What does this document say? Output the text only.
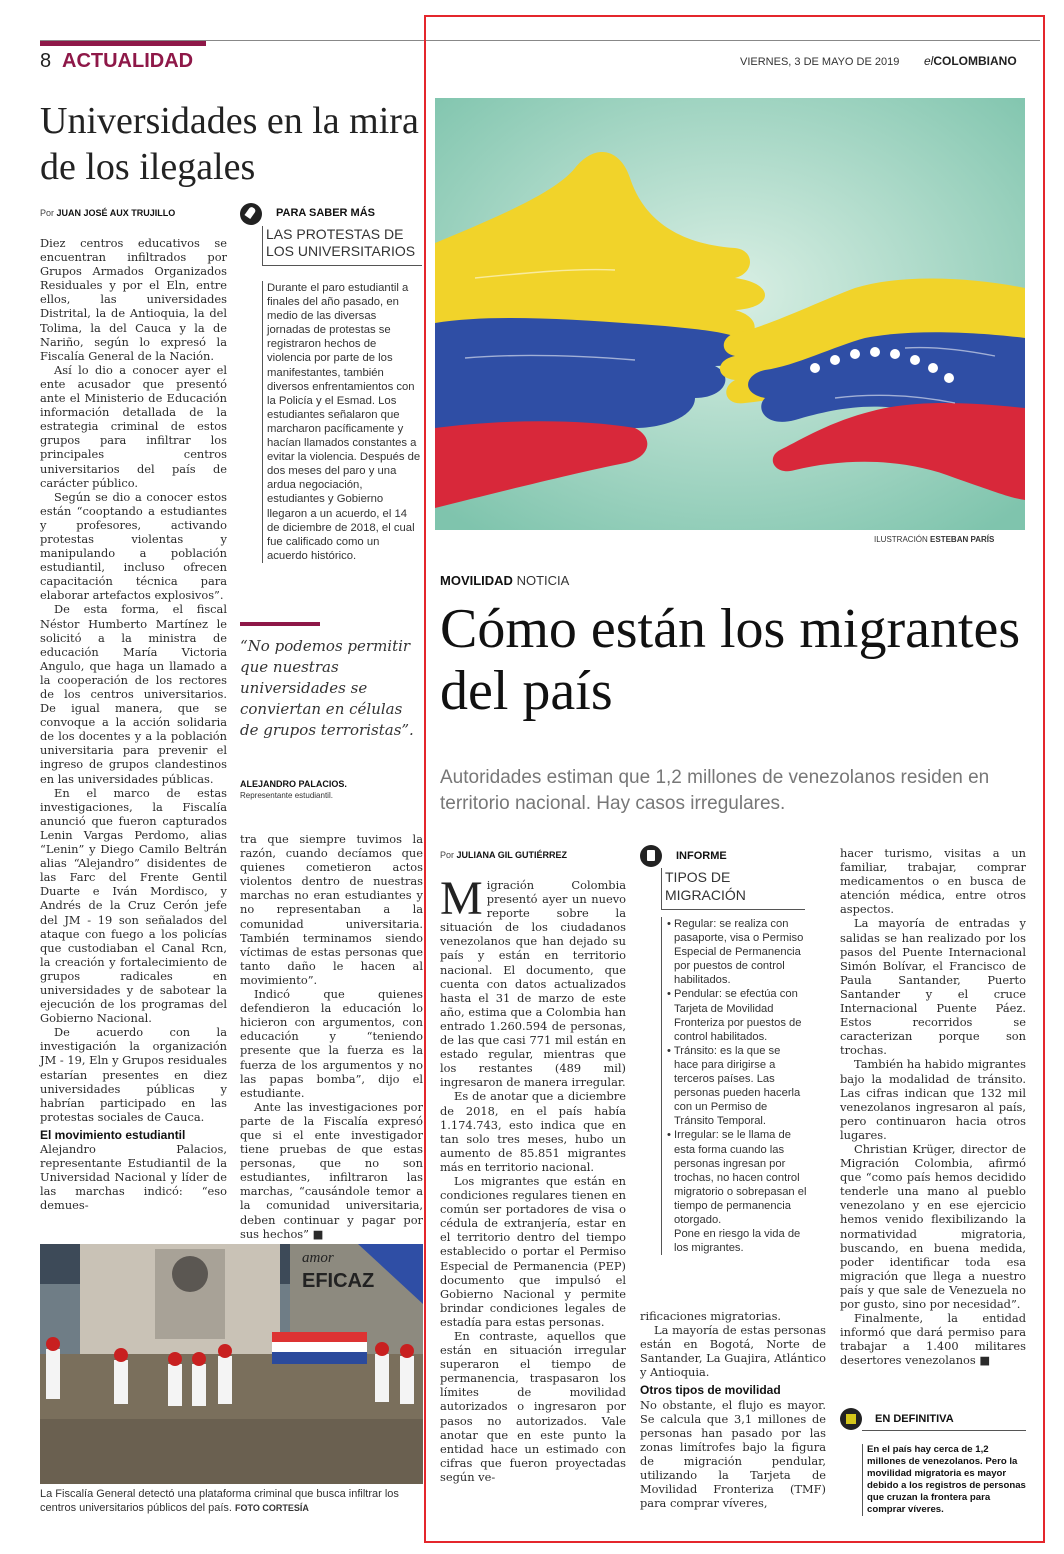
8 ACTUALIDAD	VIERNES, 3 DE MAYO DE 2019 elCOLOMBIANO
Universidades en la mira de los ilegales
Por JUAN JOSÉ AUX TRUJILLO

Diez centros educativos se encuentran infiltrados por Grupos Armados Organizados Residuales y por el Eln, entre ellos, las universidades Distrital, la de Antioquia, la del Tolima, la del Cauca y la de Nariño, según lo expresó la Fiscalía General de la Nación.

Así lo dio a conocer ayer el ente acusador que presentó ante el Ministerio de Educación información detallada de la estrategia criminal de estos grupos para infiltrar los principales centros universitarios del país de carácter público.

Según se dio a conocer estos están “cooptando a estudiantes y profesores, activando protestas violentas y manipulando a población estudiantil, incluso ofrecen capacitación técnica para elaborar artefactos explosivos”.

De esta forma, el fiscal Néstor Humberto Martínez le solicitó a la ministra de educación María Victoria Angulo, que haga un llamado a la cooperación de los rectores de los centros universitarios. De igual manera, que se convoque a la acción solidaria de los docentes y a la población universitaria para prevenir el ingreso de grupos clandestinos en las universidades públicas.

En el marco de estas investigaciones, la Fiscalía anunció que fueron capturados Lenin Vargas Perdomo, alias “Lenin” y Diego Camilo Beltrán alias “Alejandro” disidentes de las Farc del Frente Gentil Duarte e Iván Mordisco, y Andrés de la Cruz Cerón jefe del JM - 19 son señalados del ataque con fuego a los policías que custodiaban el Canal Rcn, la creación y fortalecimiento de grupos radicales en universidades y de sabotear la ejecución de los programas del Gobierno Nacional.

De acuerdo con la investigación la organización JM - 19, Eln y Grupos residuales estarían presentes en diez universidades públicas y habrían participado en las protestas sociales de Cauca.

El movimiento estudiantil

Alejandro Palacios, representante Estudiantil de la Universidad Nacional y líder de las marchas indicó: “eso demues-

tra que siempre tuvimos la razón, cuando decíamos que quienes cometieron actos violentos dentro de nuestras marchas no eran estudiantes y no representaban a la comunidad universitaria. También terminamos siendo víctimas de estas personas que tanto daño le hacen al movimiento”.

Indicó que quienes defendieron la educación lo hicieron con argumentos, con educación y “teniendo presente que la fuerza es la fuerza de los argumentos y no las papas bomba”, dijo el estudiante.

Ante las investigaciones por parte de la Fiscalía expresó que si el ente investigador tiene pruebas de que estas personas, que no son estudiantes, infiltraron las marchas, “causándole temor a la comunidad universitaria, deben continuar y pagar por sus hechos” ■

PARA SABER MÁS
LAS PROTESTAS DE LOS UNIVERSITARIOS
Durante el paro estudiantil a finales del año pasado, en medio de las diversas jornadas de protestas se registraron hechos de violencia por parte de los manifestantes, también diversos enfrentamientos con la Policía y el Esmad. Los estudiantes señalaron que marcharon pacíficamente y hacían llamados constantes a evitar la violencia. Después de dos meses del paro y una ardua negociación, estudiantes y Gobierno llegaron a un acuerdo, el 14 de diciembre de 2018, el cual fue calificado como un acuerdo histórico.
“No podemos permitir que nuestras universidades se conviertan en células de grupos terroristas”.
ALEJANDRO PALACIOS.
Representante estudiantil.
amor
EFICAZ
La Fiscalía General detectó una plataforma criminal que busca infiltrar los centros universitarios públicos del país. FOTO CORTESÍA
ILUSTRACIÓN ESTEBAN PARÍS
MOVILIDAD NOTICIA
Cómo están los migrantes del país
Autoridades estiman que 1,2 millones de venezolanos residen en territorio nacional. Hay casos irregulares.
Por JULIANA GIL GUTIÉRREZ

Migración Colombia presentó ayer un nuevo reporte sobre la situación de los ciudadanos venezolanos que han dejado su país y están en territorio nacional. El documento, que cuenta con datos actualizados hasta el 31 de marzo de este año, estima que a Colombia han entrado 1.260.594 de personas, de las que casi 771 mil están en estado regular, mientras que los restantes (489 mil) ingresaron de manera irregular.

Es de anotar que a diciembre de 2018, en el país había 1.174.743, esto indica que en tan solo tres meses, hubo un aumento de 85.851 migrantes más en territorio nacional.

Los migrantes que están en condiciones regulares tienen en común ser portadores de visa o cédula de extranjería, estar en el territorio dentro del tiempo establecido o portar el Permiso Especial de Permanencia (PEP) documento que impulsó el Gobierno Nacional y permite brindar condiciones legales de estadía para estas personas.

En contraste, aquellos que están en situación irregular superaron el tiempo de permanencia, traspasaron los límites de movilidad autorizados o ingresaron por pasos no autorizados. Vale anotar que en este punto la entidad hace un estimado con cifras que fueron proyectadas según ve-

INFORME
TIPOS DE MIGRACIÓN
• Regular: se realiza con pasaporte, visa o Permiso Especial de Permanencia por puestos de control habilitados.
• Pendular: se efectúa con Tarjeta de Movilidad Fronteriza por puestos de control habilitados.
• Tránsito: es la que se hace para dirigirse a terceros países. Las personas pueden hacerla con un Permiso de Tránsito Temporal.
• Irregular: se le llama de esta forma cuando las personas ingresan por trochas, no hacen control migratorio o sobrepasan el tiempo de permanencia otorgado.
Pone en riesgo la vida de los migrantes.

rificaciones migratorias.

La mayoría de estas personas están en Bogotá, Norte de Santander, La Guajira, Atlántico y Antioquia.

Otros tipos de movilidad

No obstante, el flujo es mayor. Se calcula que 3,1 millones de personas han pasado por las zonas limítrofes bajo la figura de migración pendular, utilizando la Tarjeta de Movilidad Fronteriza (TMF) para comprar víveres,

hacer turismo, visitas a un familiar, trabajar, comprar medicamentos o en busca de atención médica, entre otros aspectos.

La mayoría de entradas y salidas se han realizado por los pasos del Puente Internacional Simón Bolívar, el Francisco de Paula Santander, Puerto Santander y el cruce Internacional Puente Páez. Estos recorridos se caracterizan porque son trochas.

También ha habido migrantes bajo la modalidad de tránsito. Las cifras indican que 132 mil venezolanos ingresaron al país, pero continuaron hacia otros lugares.

Christian Krüger, director de Migración Colombia, afirmó que “como país hemos decidido tenderle una mano al pueblo venezolano y en ese ejercicio hemos venido flexibilizando la normatividad migratoria, buscando, en buena medida, poder identificar toda esa migración que llega a nuestro país y que sale de Venezuela no por gusto, sino por necesidad”.

Finalmente, la entidad informó que dará permiso para trabajar a 1.400 militares desertores venezolanos ■

EN DEFINITIVA
En el país hay cerca de 1,2 millones de venezolanos. Pero la movilidad migratoria es mayor debido a los registros de personas que cruzan la frontera para comprar víveres.
